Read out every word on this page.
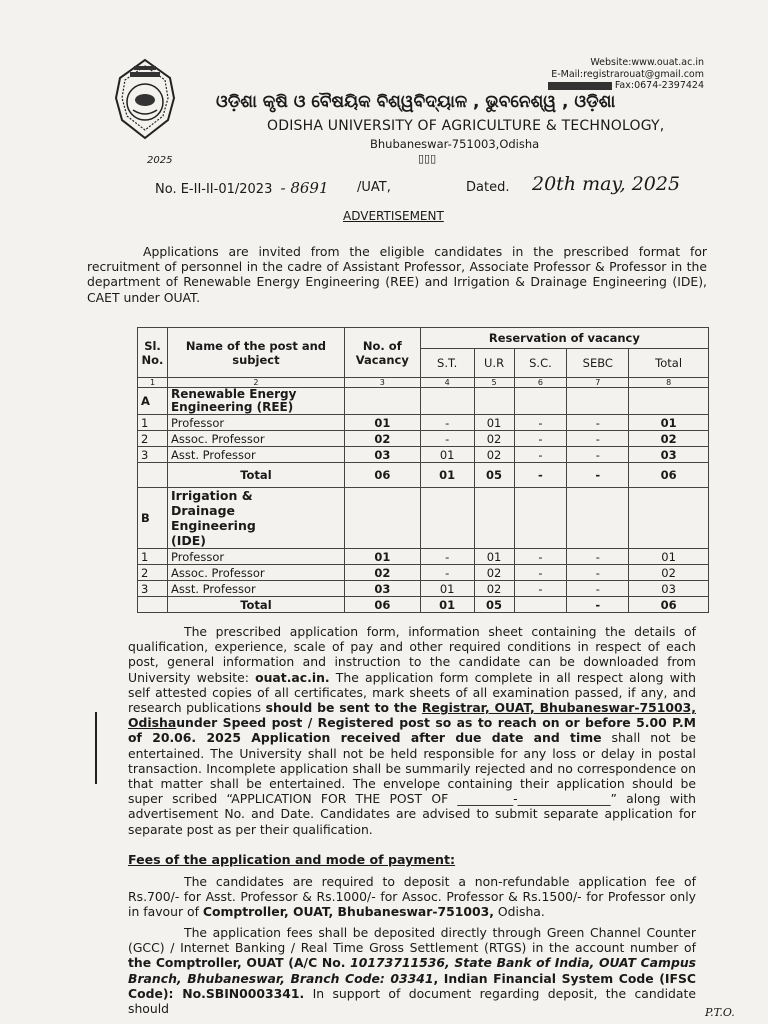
2025
Website:www.ouat.ac.in
E-Mail:registrarouat@gmail.com
Fax:0674-2397424
ଓଡ଼ିଶା କୃଷି ଓ ବୈଷୟିକ ବିଶ୍ୱବିଦ୍ୟାଳ , ଭୁବନେଶ୍ୱ , ଓଡ଼ିଶା
ODISHA UNIVERSITY OF AGRICULTURE & TECHNOLOGY,
Bhubaneswar-751003,Odisha
▯▯▯
No. E-II-II-01/2023 - 8691 /UAT,	Dated. 20th may, 2025
ADVERTISEMENT

Applications are invited from the eligible candidates in the prescribed format for recruitment of personnel in the cadre of Assistant Professor, Associate Professor & Professor in the department of Renewable Energy Engineering (REE) and Irrigation & Drainage Engineering (IDE), CAET under OUAT.

Sl. No.	Name of the post and subject	No. of Vacancy	Reservation of vacancy				
			S.T.	U.R	S.C.	SEBC	Total
1	2	3	4	5	6	7	8
A	Renewable Energy Engineering (REE)						
1	Professor	01	-	01	-	-	01
2	Assoc. Professor	02	-	02	-	-	02
3	Asst. Professor	03	01	02	-	-	03
	Total	06	01	05	-	-	06
B	Irrigation & Drainage Engineering (IDE)						
1	Professor	01	-	01	-	-	01
2	Assoc. Professor	02	-	02	-	-	02
3	Asst. Professor	03	01	02	-	-	03
	Total	06	01	05		-	06

The prescribed application form, information sheet containing the details of qualification, experience, scale of pay and other required conditions in respect of each post, general information and instruction to the candidate can be downloaded from University website: ouat.ac.in. The application form complete in all respect along with self attested copies of all certificates, mark sheets of all examination passed, if any, and research publications should be sent to the Registrar, OUAT, Bhubaneswar-751003, Odishaunder Speed post / Registered post so as to reach on or before 5.00 P.M of 20.06. 2025 Application received after due date and time shall not be entertained. The University shall not be held responsible for any loss or delay in postal transaction. Incomplete application shall be summarily rejected and no correspondence on that matter shall be entertained. The envelope containing their application should be super scribed “APPLICATION FOR THE POST OF _________-_______________” along with advertisement No. and Date. Candidates are advised to submit separate application for separate post as per their qualification.

Fees of the application and mode of payment:

The candidates are required to deposit a non-refundable application fee of Rs.700/- for Asst. Professor & Rs.1000/- for Assoc. Professor & Rs.1500/- for Professor only in favour of Comptroller, OUAT, Bhubaneswar-751003, Odisha.

The application fees shall be deposited directly through Green Channel Counter (GCC) / Internet Banking / Real Time Gross Settlement (RTGS) in the account number of the Comptroller, OUAT (A/C No. 10173711536, State Bank of India, OUAT Campus Branch, Bhubaneswar, Branch Code: 03341, Indian Financial System Code (IFSC Code): No.SBIN0003341. In support of document regarding deposit, the candidate should	P.T.O.
